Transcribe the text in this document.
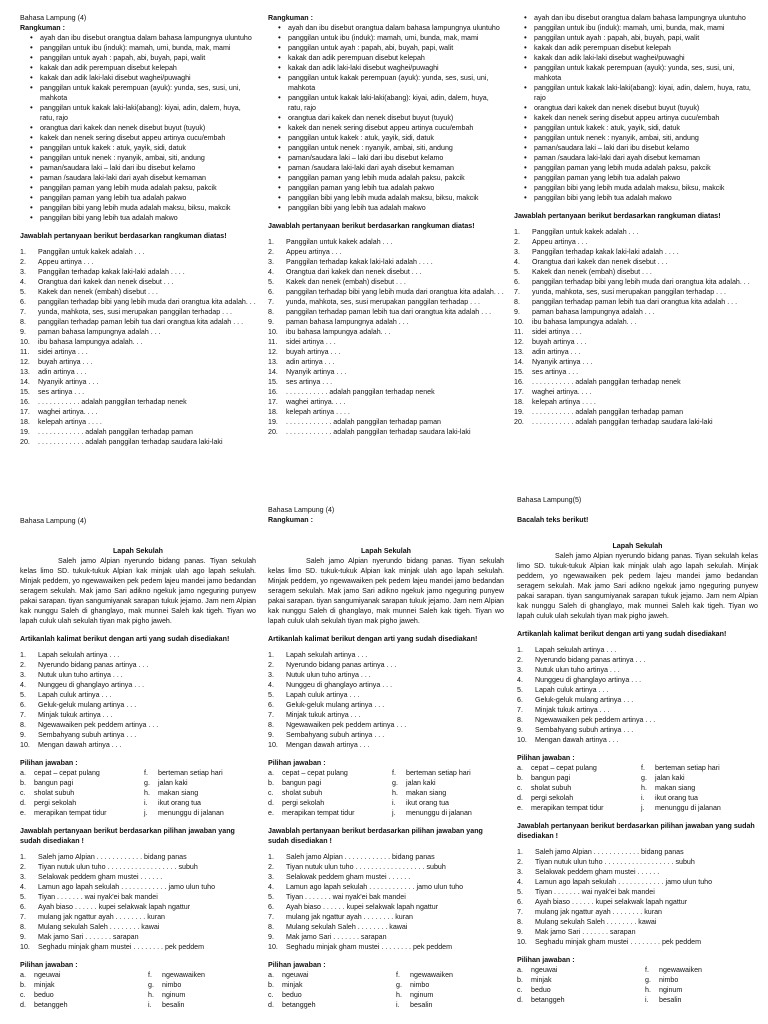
Bahasa Lampung (4)
Rangkuman :
• ayah dan ibu disebut orangtua dalam bahasa lampungnya uluntuho
• panggilan untuk ibu (induk): mamah, umi, bunda, mak, mami
• panggilan untuk ayah : papah, abi, buyah, papi, walit
• kakak dan adik perempuan disebut kelepah
• kakak dan adik laki-laki disebut waghei/puwaghi
• panggilan untuk kakak perempuan (ayuk): yunda, ses, susi, uni, mahkota
• panggilan untuk kakak laki-laki(abang): kiyai, adin, dalem, huya, ratu, rajo
• orangtua dari kakek dan nenek disebut buyut (tuyuk)
• kakek dan nenek sering disebut appeu artinya cucu/embah
• panggilan untuk kakek : atuk, yayik, sidi, datuk
• panggilan untuk nenek : nyanyik, ambai, siti, andung
• paman/saudara laki – laki dari ibu disebut kelamo
• paman /saudara laki-laki dari ayah disebut kemaman
• panggilan paman yang lebih muda adalah paksu, pakcik
• panggilan paman yang lebih tua adalah pakwo
• panggilan bibi yang lebih muda adalah maksu, biksu, makcik
• panggilan bibi yang lebih tua adalah makwo
Jawablah pertanyaan berikut berdasarkan rangkuman diatas!
1.	Panggilan untuk kakek adalah . . .
2.	Appeu artinya . . .
3.	Panggilan terhadap kakak laki-laki adalah . . . .
4.	Orangtua dari kakek dan nenek disebut . . .
5.	Kakek dan nenek (embah) disebut . . .
6.	panggilan terhadap bibi yang lebih muda dari orangtua kita adalah. . .
7.	yunda, mahkota, ses, susi merupakan panggilan terhadap . . .
8.	panggilan terhadap paman lebih tua dari orangtua kita adalah . . .
9.	paman bahasa lampungnya adalah . . .
10.	ibu bahasa lampungya adalah. . .
11.	sidei artinya . . .
12.	buyah artinya . . .
13.	adin artinya . . .
14.	Nyanyik artinya . . .
15.	ses artinya . . .
16.	. . . . . . . . . . . adalah panggilan terhadap nenek
17.	waghei artinya. . . .
18.	kelepah artinya . . . .
19.	. . . . . . . . . . . . adalah panggilan terhadap paman
20.	. . . . . . . . . . . . adalah panggilan terhadap saudara laki-laki
Rangkuman :
• ayah dan ibu disebut orangtua dalam bahasa lampungnya uluntuho
• panggilan untuk ibu (induk): mamah, umi, bunda, mak, mami
• panggilan untuk ayah : papah, abi, buyah, papi, walit
• kakak dan adik perempuan disebut kelepah
• kakak dan adik laki-laki disebut waghei/puwaghi
• panggilan untuk kakak perempuan (ayuk): yunda, ses, susi, uni, mahkota
• panggilan untuk kakak laki-laki(abang): kiyai, adin, dalem, huya, ratu, rajo
• orangtua dari kakek dan nenek disebut buyut (tuyuk)
• kakek dan nenek sering disebut appeu artinya cucu/embah
• panggilan untuk kakek : atuk, yayik, sidi, datuk
• panggilan untuk nenek : nyanyik, ambai, siti, andung
• paman/saudara laki – laki dari ibu disebut kelamo
• paman /saudara laki-laki dari ayah disebut kemaman
• panggilan paman yang lebih muda adalah paksu, pakcik
• panggilan paman yang lebih tua adalah pakwo
• panggilan bibi yang lebih muda adalah maksu, biksu, makcik
• panggilan bibi yang lebih tua adalah makwo
Jawablah pertanyaan berikut berdasarkan rangkuman diatas!
1.	Panggilan untuk kakek adalah . . .
2.	Appeu artinya . . .
3.	Panggilan terhadap kakak laki-laki adalah . . . .
4.	Orangtua dari kakek dan nenek disebut . . .
5.	Kakek dan nenek (embah) disebut . . .
6.	panggilan terhadap bibi yang lebih muda dari orangtua kita adalah. . .
7.	yunda, mahkota, ses, susi merupakan panggilan terhadap . . .
8.	panggilan terhadap paman lebih tua dari orangtua kita adalah . . .
9.	paman bahasa lampungnya adalah . . .
10.	ibu bahasa lampungya adalah. . .
11.	sidei artinya . . .
12.	buyah artinya . . .
13.	adin artinya . . .
14.	Nyanyik artinya . . .
15.	ses artinya . . .
16.	. . . . . . . . . . . adalah panggilan terhadap nenek
17.	waghei artinya. . . .
18.	kelepah artinya . . . .
19.	. . . . . . . . . . . . adalah panggilan terhadap paman
20.	. . . . . . . . . . . . adalah panggilan terhadap saudara laki-laki
• ayah dan ibu disebut orangtua dalam bahasa lampungnya uluntuho
• panggilan untuk ibu (induk): mamah, umi, bunda, mak, mami
• panggilan untuk ayah : papah, abi, buyah, papi, walit
• kakak dan adik perempuan disebut kelepah
• kakak dan adik laki-laki disebut waghei/puwaghi
• panggilan untuk kakak perempuan (ayuk): yunda, ses, susi, uni, mahkota
• panggilan untuk kakak laki-laki(abang): kiyai, adin, dalem, huya, ratu, rajo
• orangtua dari kakek dan nenek disebut buyut (tuyuk)
• kakek dan nenek sering disebut appeu artinya cucu/embah
• panggilan untuk kakek : atuk, yayik, sidi, datuk
• panggilan untuk nenek : nyanyik, ambai, siti, andung
• paman/saudara laki – laki dari ibu disebut kelamo
• paman /saudara laki-laki dari ayah disebut kemaman
• panggilan paman yang lebih muda adalah paksu, pakcik
• panggilan paman yang lebih tua adalah pakwo
• panggilan bibi yang lebih muda adalah maksu, biksu, makcik
• panggilan bibi yang lebih tua adalah makwo
Jawablah pertanyaan berikut berdasarkan rangkuman diatas!
1.	Panggilan untuk kakek adalah . . .
2.	Appeu artinya . . .
3.	Panggilan terhadap kakak laki-laki adalah . . . .
4.	Orangtua dari kakek dan nenek disebut . . .
5.	Kakek dan nenek (embah) disebut . . .
6.	panggilan terhadap bibi yang lebih muda dari orangtua kita adalah. . .
7.	yunda, mahkota, ses, susi merupakan panggilan terhadap . . .
8.	panggilan terhadap paman lebih tua dari orangtua kita adalah . . .
9.	paman bahasa lampungnya adalah . . .
10.	ibu bahasa lampungya adalah. . .
11.	sidei artinya . . .
12.	buyah artinya . . .
13.	adin artinya . . .
14.	Nyanyik artinya . . .
15.	ses artinya . . .
16.	. . . . . . . . . . . adalah panggilan terhadap nenek
17.	waghei artinya. . . .
18.	kelepah artinya . . . .
19.	. . . . . . . . . . . adalah panggilan terhadap paman
20.	. . . . . . . . . . . adalah panggilan terhadap saudara laki-laki
Bahasa Lampung (4)
Lapah Sekulah
Saleh jamo Alpian nyerundo bidang panas. Tiyan sekulah kelas limo SD. tukuk-tukuk Alpian kak minjak ulah ago lapah sekulah. Minjak peddem, yo ngewawaiken pek pedem lajeu mandei jamo bedandan seragem sekulah. Mak jamo Sari adikno ngekuk jamo ngeguring punyew pakai sarapan. tiyan sangumiyanak sarapan tukuk jejamo. Jam nem Alpian kak nunggu Saleh di ghanglayo, mak munnei Saleh kak tigeh. Tiyan wo lapah culuk ulah sekulah tiyan mak pigho jaweh.
Artikanlah kalimat berikut dengan arti yang sudah disediakan!
1.	Lapah sekulah artinya . . .
2.	Nyerundo bidang panas artinya . . .
3.	Nutuk ulun tuho artinya . . .
4.	Nunggeu di ghanglayo artinya . . .
5.	Lapah culuk artinya . . .
6.	Geluk-geluk mulang artinya . . .
7.	Minjak tukuk artinya . . .
8.	Ngewawaiken pek peddem artinya . . .
9.	Sembahyang subuh artinya . . .
10.	Mengan dawah artinya . . .
Pilihan jawaban :
a.	cepat – cepat pulang	f.	berteman setiap hari
b.	bangun pagi	g.	jalan kaki
c.	sholat subuh	h.	makan siang
d.	pergi sekolah	i.	ikut orang tua
e.	merapikan tempat tidur	j.	menunggu di jalanan
Jawablah pertanyaan berikut berdasarkan pilihan jawaban yang sudah disediakan !
1.	Saleh jamo Alpian . . . . . . . . . . . . bidang panas
2.	Tiyan nutuk ulun tuho . . . . . . . . . . . . . . . . . . subuh
3.	Selakwak peddem gham mustei . . . . . .
4.	Lamun ago lapah sekulah . . . . . . . . . . . . jamo ulun tuho
5.	Tiyan . . . . . . . wai nyak'ei bak mandei
6.	Ayah biaso . . . . . . kupei selakwak lapah ngattur
7.	mulang jak ngattur ayah . . . . . . . . kuran
8.	Mulang sekulah Saleh . . . . . . . . kawai
9.	Mak jamo Sari . . . . . . . sarapan
10.	Seghadu minjak gham mustei . . . . . . . . pek peddem
Pilihan jawaban :
a.	ngeuwai	f.	ngewawaiken
b.	minjak	g.	nimbo
c.	beduo	h.	nginum
d.	betanggeh	i.	besalin
Bahasa Lampung (4)
Rangkuman :
Lapah Sekulah
Saleh jamo Alpian nyerundo bidang panas. Tiyan sekulah kelas limo SD. tukuk-tukuk Alpian kak minjak ulah ago lapah sekulah. Minjak peddem, yo ngewawaiken pek pedem lajeu mandei jamo bedandan seragem sekulah. Mak jamo Sari adikno ngekuk jamo ngeguring punyew pakai sarapan. tiyan sangumiyanak sarapan tukuk jejamo. Jam nem Alpian kak nunggu Saleh di ghanglayo, mak munnei Saleh kak tigeh. Tiyan wo lapah culuk ulah sekulah tiyan mak pigho jaweh.
Artikanlah kalimat berikut dengan arti yang sudah disediakan!
1.	Lapah sekulah artinya . . .
2.	Nyerundo bidang panas artinya . . .
3.	Nutuk ulun tuho artinya . . .
4.	Nunggeu di ghanglayo artinya . . .
5.	Lapah culuk artinya . . .
6.	Geluk-geluk mulang artinya . . .
7.	Minjak tukuk artinya . . .
8.	Ngewawaiken pek peddem artinya . . .
9.	Sembahyang subuh artinya . . .
10.	Mengan dawah artinya . . .
Pilihan jawaban :
a.	cepat – cepat pulang	f.	berteman setiap hari
b.	bangun pagi	g.	jalan kaki
c.	sholat subuh	h.	makan siang
d.	pergi sekolah	i.	ikut orang tua
e.	merapikan tempat tidur	j.	menunggu di jalanan
Jawablah pertanyaan berikut berdasarkan pilihan jawaban yang sudah disediakan !
1.	Saleh jamo Alpian . . . . . . . . . . . . bidang panas
2.	Tiyan nutuk ulun tuho . . . . . . . . . . . . . . . . . . subuh
3.	Selakwak peddem gham mustei . . . . . .
4.	Lamun ago lapah sekulah . . . . . . . . . . . . jamo ulun tuho
5.	Tiyan . . . . . . . wai nyak'ei bak mandei
6.	Ayah biaso . . . . . . kupei selakwak lapah ngattur
7.	mulang jak ngattur ayah . . . . . . . . kuran
8.	Mulang sekulah Saleh . . . . . . . . kawai
9.	Mak jamo Sari . . . . . . . sarapan
10.	Seghadu minjak gham mustei . . . . . . . . pek peddem
Pilihan jawaban :
a.	ngeuwai	f.	ngewawaiken
b.	minjak	g.	nimbo
c.	beduo	h.	nginum
d.	betanggeh	i.	besalin
Bahasa Lampung(5)
Bacalah teks berikut!
Lapah Sekulah
Saleh jamo Alpian nyerundo bidang panas. Tiyan sekulah kelas limo SD. tukuk-tukuk Alpian kak minjak ulah ago lapah sekulah. Minjak peddem, yo ngewawaiken pek pedem lajeu mandei jamo bedandan seragem sekulah. Mak jamo Sari adikno ngekuk jamo ngeguring punyew pakai sarapan. tiyan sangumiyanak sarapan tukuk jejamo. Jam nem Alpian kak nunggu Saleh di ghanglayo, mak munnei Saleh kak tigeh. Tiyan wo lapah culuk ulah sekulah tiyan mak pigho jaweh.
Artikanlah kalimat berikut dengan arti yang sudah disediakan!
1.	Lapah sekulah artinya . . .
2.	Nyerundo bidang panas artinya . . .
3.	Nutuk ulun tuho artinya . . .
4.	Nunggeu di ghanglayo artinya . . .
5.	Lapah culuk artinya . . .
6.	Geluk-geluk mulang artinya . . .
7.	Minjak tukuk artinya . . .
8.	Ngewawaiken pek peddem artinya . . .
9.	Sembahyang subuh artinya . . .
10.	Mengan dawah artinya . . .
Pilihan jawaban :
a.	cepat – cepat pulang	f.	berteman setiap hari
b.	bangun pagi	g.	jalan kaki
c.	sholat subuh	h.	makan siang
d.	pergi sekolah	i.	ikut orang tua
e.	merapikan tempat tidur	j.	menunggu di jalanan
Jawablah pertanyaan berikut berdasarkan pilihan jawaban yang sudah disediakan !
1.	Saleh jamo Alpian . . . . . . . . . . . . bidang panas
2.	Tiyan nutuk ulun tuho . . . . . . . . . . . . . . . . . . subuh
3.	Selakwak peddem gham mustei . . . . . .
4.	Lamun ago lapah sekulah . . . . . . . . . . . . jamo ulun tuho
5.	Tiyan . . . . . . . wai nyak'ei bak mandei
6.	Ayah biaso . . . . . . kupei selakwak lapah ngattur
7.	mulang jak ngattur ayah . . . . . . . . kuran
8.	Mulang sekulah Saleh . . . . . . . . kawai
9.	Mak jamo Sari . . . . . . . sarapan
10.	Seghadu minjak gham mustei . . . . . . . . pek peddem
Pilihan jawaban :
a.	ngeuwai	f.	ngewawaiken
b.	minjak	g.	nimbo
c.	beduo	h.	nginum
d.	betanggeh	i.	besalin
